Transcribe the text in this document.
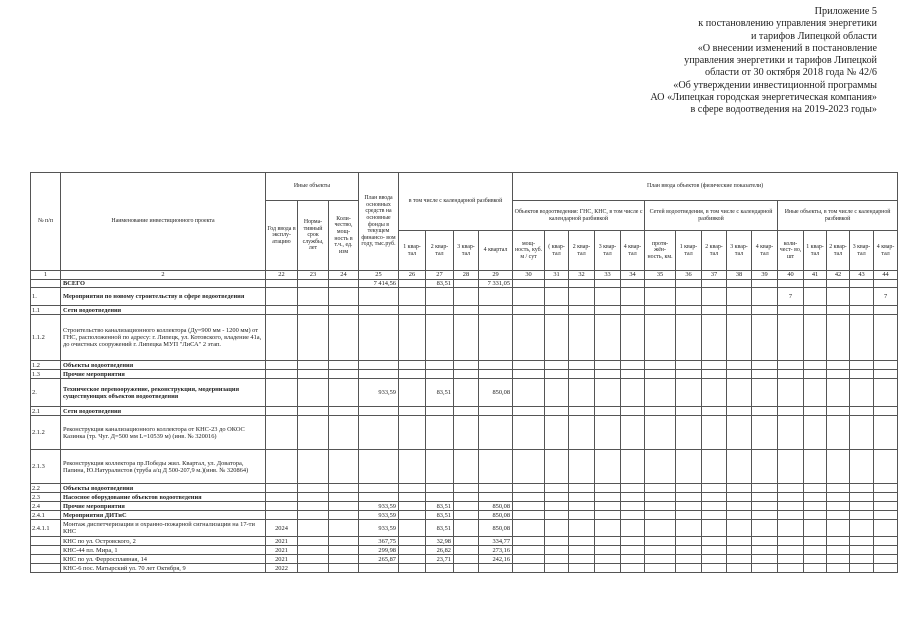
Приложение 5
к постановлению управления энергетики
и тарифов Липецкой области
«О внесении изменений в постановление
управления энергетики и тарифов Липецкой
области от 30 октября 2018 года № 42/6
«Об утверждении инвестиционной программы
АО «Липецкая городская энергетическая компания»
в сфере водоотведения на 2019-2023 годы»
№ п/п	Наименование инвестиционного проекта	Иные объекты			План ввода основных средств на основные фонды в текущем финансо- вом году, тыс.руб.	в том числе с календарной разбивкой				План ввода объектов (физические показатели)														
		Год ввода в эксплу- атацию	Норма- тивный срок службы, лет	Коли- чество, мощ- ность в т.ч., ед. изм						Объектов водоотведения: ГНС, КНС, в том числе с календарной разбивкой					Сетей водоотведения, в том числе с календарной разбивкой					Иные объекты, в том числе с календарной разбивкой				
						1 квар- тал	2 квар- тал	3 квар- тал	4 квартал	мощ- ность, куб. м / сут	( квар- тал	2 квар- тал	3 квар- тал	4 квар- тал	протя- жён- ность, км.	1 квар- тал	2 квар- тал	3 квар- тал	4 квар- тал	коли- чест- во, шт	1 квар- тал	2 квар- тал	3 квар- тал	4 квар- тал
1	2	22	23	24	25	26	27	28	29	30	31	32	33	34	35	36	37	38	39	40	41	42	43	44
	ВСЕГО				7 414,56		83,51		7 331,05															
1.	Мероприятия по новому строительству в сфере водоотведения																			7				7
1.1	Сети водоотведения																							
1.1.2	Строительство канализационного коллектора (Ду=900 мм - 1200 мм) от ГНС, расположенной по адресу: г. Липецк, ул. Котовского, владение 41а, до очистных сооружений г. Липецка МУП "ЛиСА" 2 этап.																							
1.2	Объекты водоотведения																							
1.3	Прочие мероприятия																							
2.	Техническое перевооружение, реконструкция, модернизация существующих объектов водоотведения				933,59		83,51		850,08															
2.1	Сети водоотведения																							
2.1.2	Реконструкция канализационного коллектора от КНС-23 до ОКОС Казинка (тр. Чуг. Д=500 мм L=10539 м) (инв. № 320016)																							
2.1.3	Реконструкция коллектора пр.Победы жил. Квартал, ул. Доватора, Папина, Ю.Натуралистов (труба а/ц Д 500-207,9 м.)(инв. № 320864)																							
2.2	Объекты водоотведения																							
2.3	Насосное оборудование объектов водоотведения																							
2.4	Прочие мероприятия				933,59		83,51		850,08															
2.4.1	Мероприятия ДИТиС				933,59		83,51		850,08															
2.4.1.1	Монтаж диспетчеризации и охранно-пожарной сигнализации на 17-ти КНС	2024			933,59		83,51		850,08															
	КНС по ул. Островского, 2	2021			367,75		32,98		334,77															
	КНС-44 пл. Мира, 1	2021			299,98		26,82		273,16															
	КНС по ул. Ферросплавная, 14	2021			265,87		23,71		242,16															
	КНС-6 пос. Матырский ул. 70 лет Октября, 9	2022																						
